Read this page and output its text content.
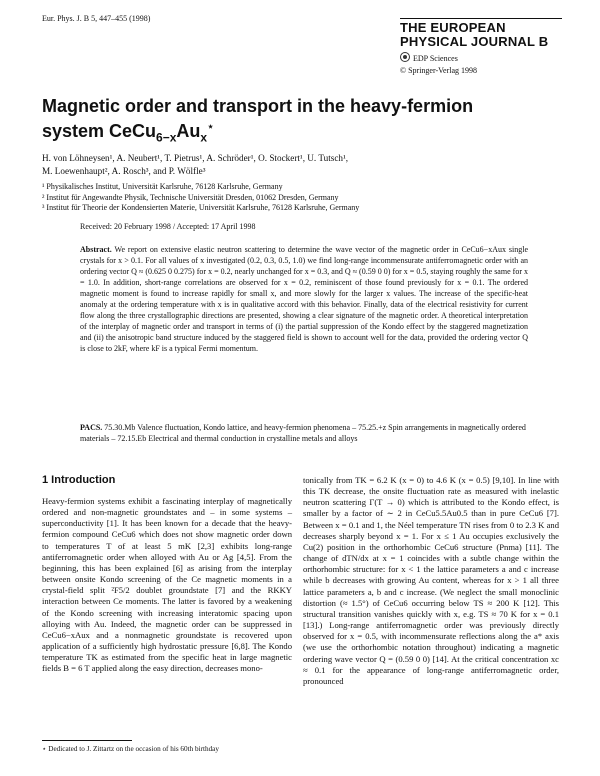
Eur. Phys. J. B 5, 447–455 (1998)
THE EUROPEAN
PHYSICAL JOURNAL B
EDP Sciences
© Springer-Verlag 1998
Magnetic order and transport in the heavy-fermion
system $CeCu_{6-x}Au_x^⋆$
H. von Löhneysen¹, A. Neubert¹, T. Pietrus¹, A. Schröder¹, O. Stockert¹, U. Tutsch¹,
M. Loewenhaupt², A. Rosch³, and P. Wölfle³
¹ Physikalisches Institut, Universität Karlsruhe, 76128 Karlsruhe, Germany
² Institut für Angewandte Physik, Technische Universität Dresden, 01062 Dresden, Germany
³ Institut für Theorie der Kondensierten Materie, Universität Karlsruhe, 76128 Karlsruhe, Germany
Received: 20 February 1998 / Accepted: 17 April 1998
Abstract. We report on extensive elastic neutron scattering to determine the wave vector of the magnetic order in CeCu6−xAux single crystals for x > 0.1. For all values of x investigated (0.2, 0.3, 0.5, 1.0) we find long-range incommensurate antiferromagnetic order with an ordering vector Q ≈ (0.625 0 0.275) for x = 0.2, nearly unchanged for x = 0.3, and Q ≈ (0.59 0 0) for x = 0.5, staying roughly the same for x = 1.0. In addition, short-range correlations are observed for x = 0.2, reminiscent of those found previously for x = 0.1. The ordered magnetic moment is found to increase rapidly for small x, and more slowly for the larger x values. The increase of the specific-heat anomaly at the ordering temperature with x is in qualitative accord with this behavior. Finally, data of the electrical resistivity for current flow along the three crystallographic directions are presented, showing a clear signature of the magnetic order. A theoretical interpretation of the interplay of magnetic order and transport in terms of (i) the partial suppression of the Kondo effect by the staggered magnetization and (ii) the anisotropic band structure induced by the staggered field is shown to account well for the data, provided the ordering vector Q is close to 2kF, where kF is a typical Fermi momentum.
PACS. 75.30.Mb Valence fluctuation, Kondo lattice, and heavy-fermion phenomena – 75.25.+z Spin arrangements in magnetically ordered materials – 72.15.Eb Electrical and thermal conduction in crystalline metals and alloys
1 Introduction
Heavy-fermion systems exhibit a fascinating interplay of magnetically ordered and non-magnetic groundstates and – in some systems – superconductivity [1]. It has been known for a decade that the heavy-fermion compound CeCu6 which does not show magnetic order down to temperatures T of at least 5 mK [2,3] exhibits long-range antiferromagnetic order when alloyed with Au or Ag [4,5]. From the beginning, this has been explained [6] as arising from the interplay between onsite Kondo screening of the Ce magnetic moments in a crystal-field split ²F5/2 doublet groundstate [7] and the RKKY interaction between Ce moments. The latter is favored by a weakening of the Kondo screening with increasing interatomic spacing upon alloying with Au. Indeed, the magnetic order can be suppressed in CeCu6−xAux and a nonmagnetic groundstate is recovered upon application of a sufficiently high hydrostatic pressure [6,8]. The Kondo temperature TK as estimated from the specific heat in large magnetic fields B = 6 T applied along the easy direction, decreases mono-
tonically from TK = 6.2 K (x = 0) to 4.6 K (x = 0.5) [9,10]. In line with this TK decrease, the onsite fluctuation rate as measured with inelastic neutron scattering Γ(T → 0) which is attributed to the Kondo effect, is smaller by a factor of ∼ 2 in CeCu5.5Au0.5 than in pure CeCu6 [7]. Between x = 0.1 and 1, the Néel temperature TN rises from 0 to 2.3 K and decreases sharply beyond x = 1. For x ≤ 1 Au occupies exclusively the Cu(2) position in the orthorhombic CeCu6 structure (Pnma) [11]. The change of dTN/dx at x = 1 coincides with a subtle change within the orthorhombic structure: for x < 1 the lattice parameters a and c increase while b decreases with growing Au content, whereas for x > 1 all three lattice parameters a, b and c increase. (We neglect the small monoclinic distortion (≈ 1.5°) of CeCu6 occurring below TS ≈ 200 K [12]. This structural transition vanishes quickly with x, e.g. TS ≈ 70 K for x = 0.1 [13].) Long-range antiferromagnetic order was previously directly observed for x = 0.5, with incommensurate reflections along the a* axis (we use the orthorhombic notation throughout) indicating a magnetic ordering wave vector Q = (0.59 0 0) [14]. At the critical concentration xc ≈ 0.1 for the appearance of long-range antiferromagnetic order, pronounced
⋆ Dedicated to J. Zittartz on the occasion of his 60th birthday
